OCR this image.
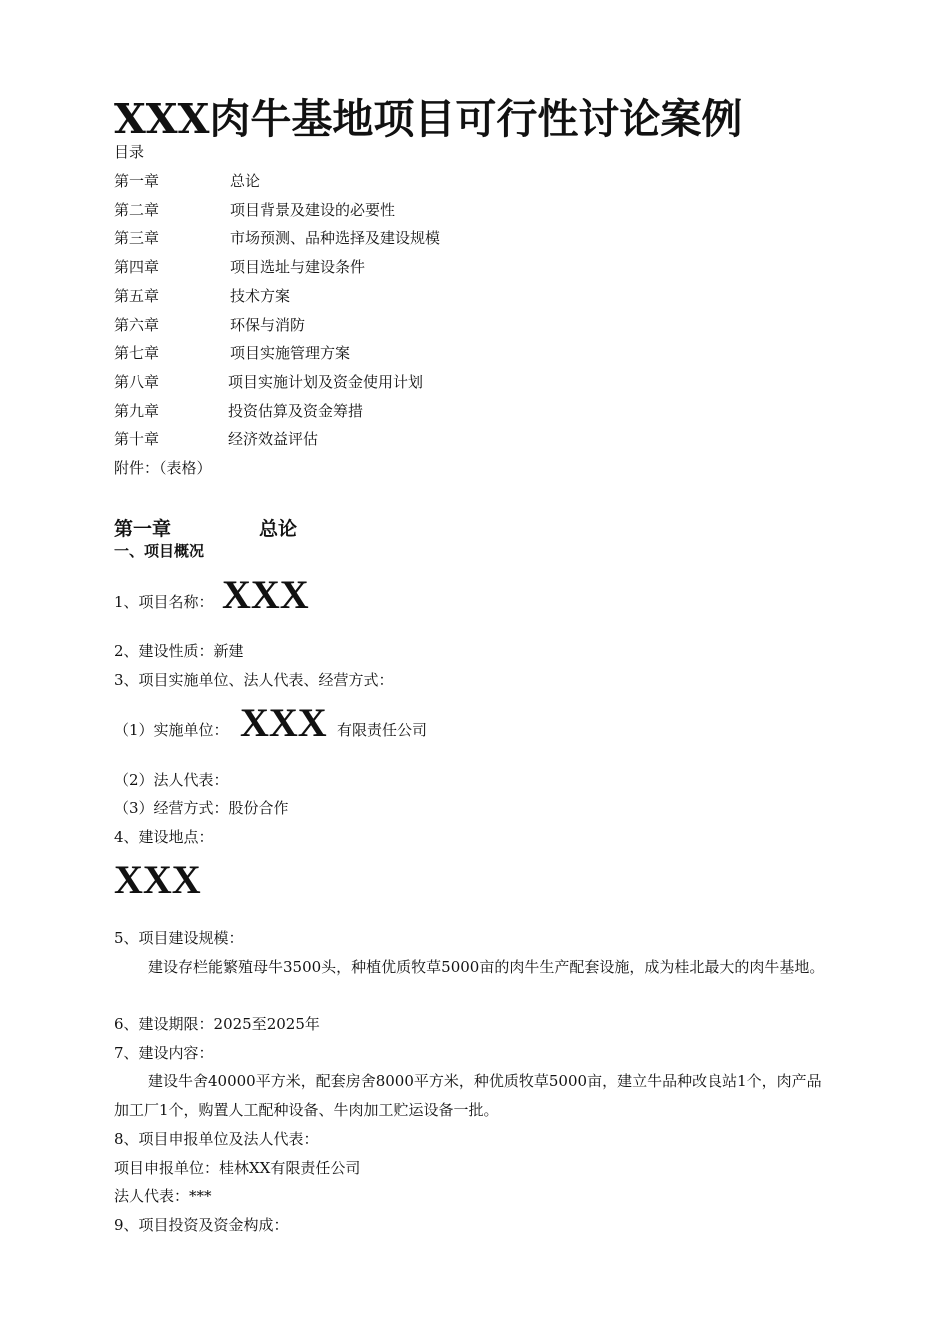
XXX肉牛基地项目可行性讨论案例
目录
第一章	总论
第二章	项目背景及建设的必要性
第三章	市场预测、品种选择及建设规模
第四章	项目选址与建设条件
第五章	技术方案
第六章	环保与消防
第七章	项目实施管理方案
第八章	项目实施计划及资金使用计划
第九章	投资估算及资金筹措
第十章	经济效益评估
附件：（表格）
第一章	总论
一、项目概况
1、项目名称： XXX
2、建设性质：新建
3、项目实施单位、法人代表、经营方式：
（1）实施单位： XXX 有限责任公司
（2）法人代表：
（3）经营方式：股份合作
4、建设地点：
XXX
5、项目建设规模：
建设存栏能繁殖母牛3500头，种植优质牧草5000亩的肉牛生产配套设施，成为桂北最大的肉牛基地。
6、建设期限：2025至2025年
7、建设内容：
建设牛舍40000平方米，配套房舍8000平方米，种优质牧草5000亩，建立牛品种改良站1个，肉产品加工厂1个，购置人工配种设备、牛肉加工贮运设备一批。
8、项目申报单位及法人代表：
项目申报单位：桂林XX有限责任公司
法人代表：***
9、项目投资及资金构成：
